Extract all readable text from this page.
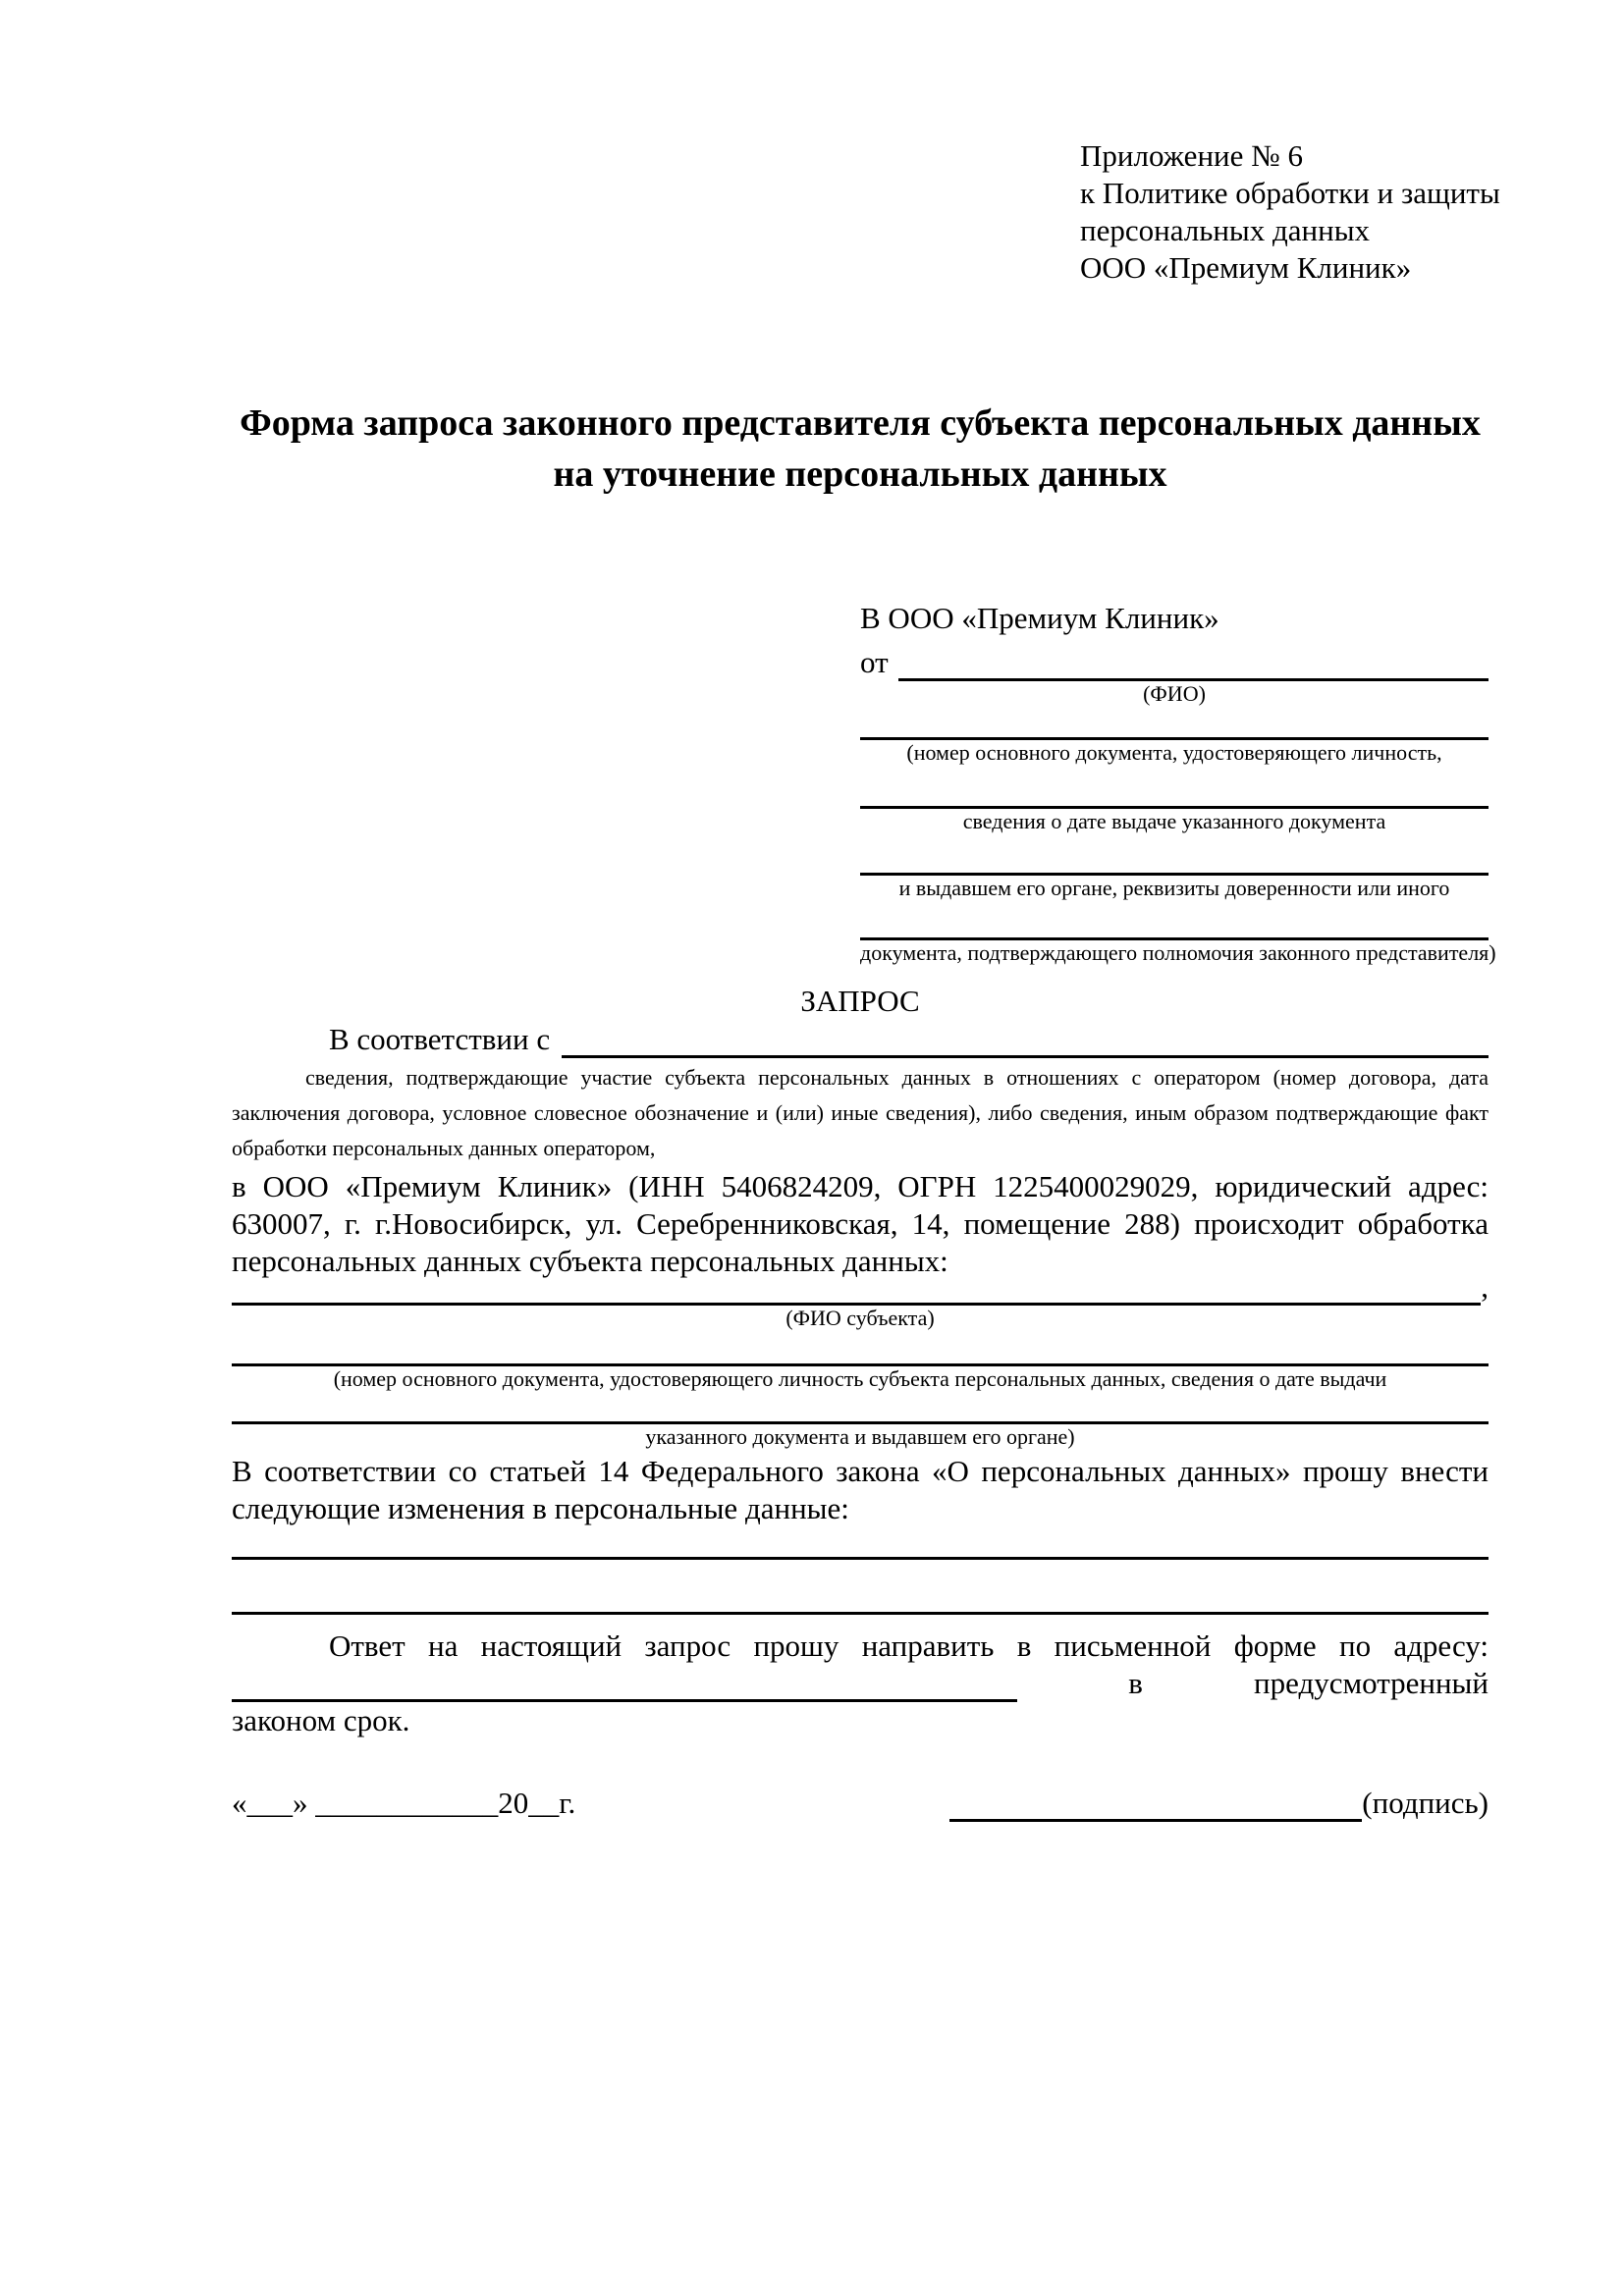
Приложение № 6
к Политике обработки и защиты
персональных данных
ООО «Премиум Клиник»
Форма запроса законного представителя субъекта персональных данных
на уточнение персональных данных
В ООО «Премиум Клиник»
от
(ФИО)
(номер основного документа, удостоверяющего личность,
сведения о дате выдаче указанного документа
и выдавшем его органе, реквизиты доверенности или иного
документа, подтверждающего полномочия законного представителя)
ЗАПРОС
В соответствии с

сведения, подтверждающие участие субъекта персональных данных в отношениях с оператором (номер договора, дата заключения договора, условное словесное обозначение и (или) иные сведения), либо сведения, иным образом подтверждающие факт обработки персональных данных оператором,

в ООО «Премиум Клиник» (ИНН 5406824209, ОГРН 1225400029029, юридический адрес: 630007, г. г.Новосибирск, ул. Серебренниковская, 14, помещение 288) происходит обработка персональных данных субъекта персональных данных:

,
(ФИО субъекта)
(номер основного документа, удостоверяющего личность субъекта персональных данных, сведения о дате выдачи
указанного документа и выдавшем его органе)

В соответствии со статьей 14 Федерального закона «О персональных данных» прошу внести следующие изменения в персональные данные:

Ответ на настоящий запрос прошу направить в письменной форме по адресу:
в	предусмотренный
законом срок.
«___» ____________20__г.	(подпись)
